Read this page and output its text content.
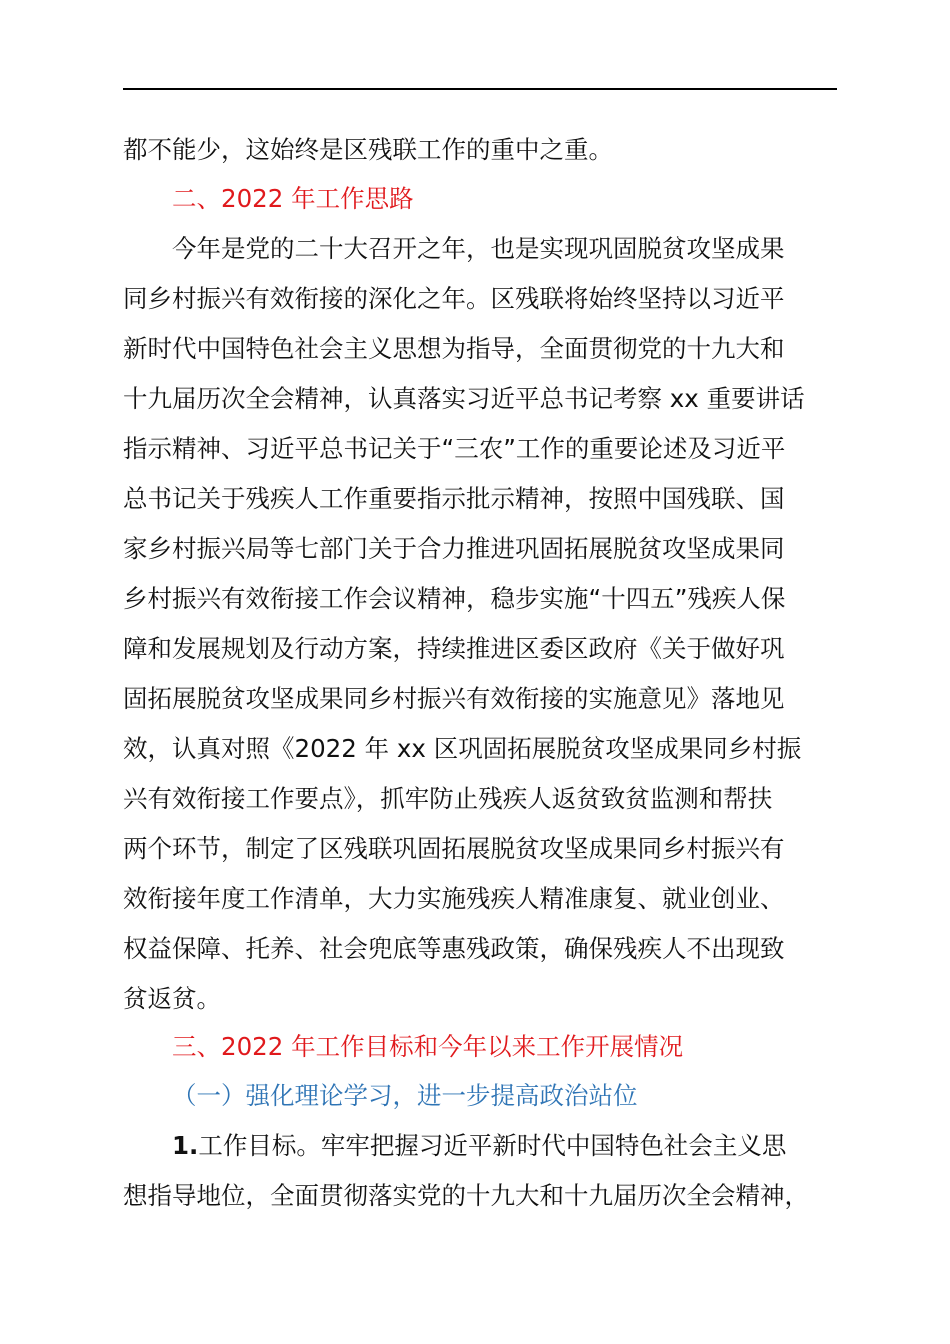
都不能少，这始终是区残联工作的重中之重。
二、2022 年工作思路
今年是党的二十大召开之年，也是实现巩固脱贫攻坚成果
同乡村振兴有效衔接的深化之年。区残联将始终坚持以习近平
新时代中国特色社会主义思想为指导，全面贯彻党的十九大和
十九届历次全会精神，认真落实习近平总书记考察 xx 重要讲话
指示精神、习近平总书记关于“三农”工作的重要论述及习近平
总书记关于残疾人工作重要指示批示精神，按照中国残联、国
家乡村振兴局等七部门关于合力推进巩固拓展脱贫攻坚成果同
乡村振兴有效衔接工作会议精神，稳步实施“十四五”残疾人保
障和发展规划及行动方案，持续推进区委区政府《关于做好巩
固拓展脱贫攻坚成果同乡村振兴有效衔接的实施意见》落地见
效，认真对照《2022 年 xx 区巩固拓展脱贫攻坚成果同乡村振
兴有效衔接工作要点》，抓牢防止残疾人返贫致贫监测和帮扶
两个环节，制定了区残联巩固拓展脱贫攻坚成果同乡村振兴有
效衔接年度工作清单，大力实施残疾人精准康复、就业创业、
权益保障、托养、社会兜底等惠残政策，确保残疾人不出现致
贫返贫。
三、2022 年工作目标和今年以来工作开展情况
（一）强化理论学习，进一步提高政治站位
1.工作目标。牢牢把握习近平新时代中国特色社会主义思
想指导地位，全面贯彻落实党的十九大和十九届历次全会精神，
